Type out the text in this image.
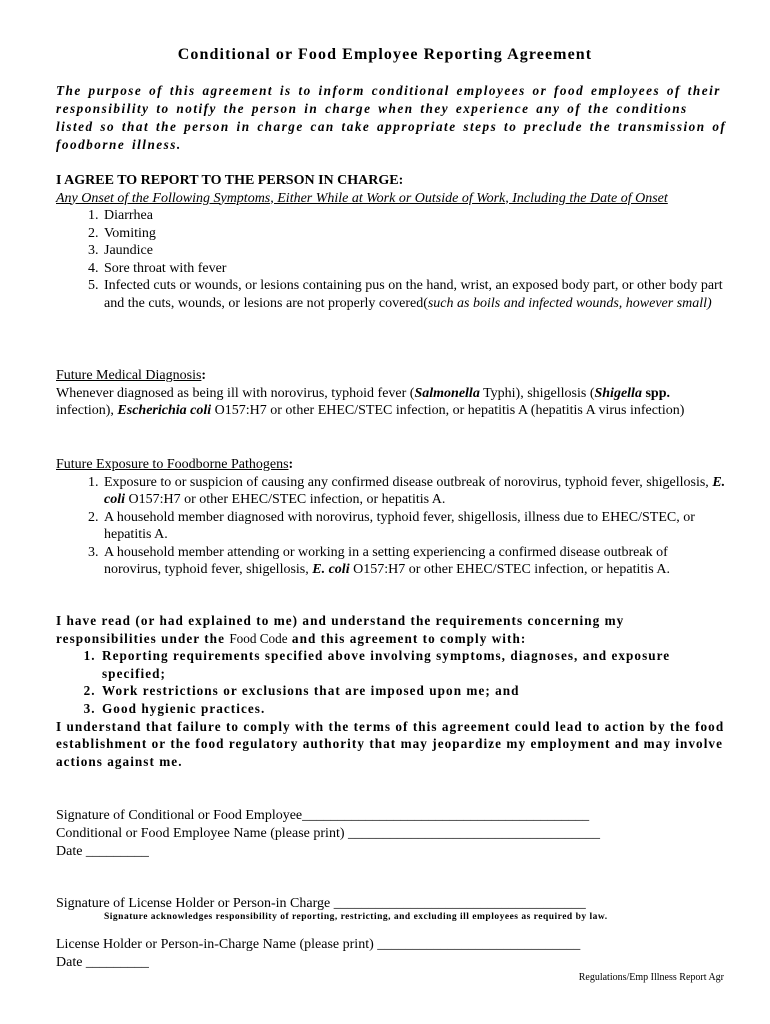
Conditional or Food Employee Reporting Agreement
The purpose of this agreement is to inform conditional employees or food employees of their responsibility to notify the person in charge when they experience any of the conditions listed so that the person in charge can take appropriate steps to preclude the transmission of foodborne illness.
I AGREE TO REPORT TO THE PERSON IN CHARGE:
Any Onset of the Following Symptoms, Either While at Work or Outside of Work, Including the Date of Onset
1. Diarrhea
2. Vomiting
3. Jaundice
4. Sore throat with fever
5. Infected cuts or wounds, or lesions containing pus on the hand, wrist, an exposed body part, or other body part and the cuts, wounds, or lesions are not properly covered(such as boils and infected wounds, however small)
Future Medical Diagnosis:
Whenever diagnosed as being ill with norovirus, typhoid fever (Salmonella Typhi), shigellosis (Shigella spp. infection), Escherichia coli O157:H7 or other EHEC/STEC infection, or hepatitis A (hepatitis A virus infection)
Future Exposure to Foodborne Pathogens:
1. Exposure to or suspicion of causing any confirmed disease outbreak of norovirus, typhoid fever, shigellosis, E. coli O157:H7 or other EHEC/STEC infection, or hepatitis A.
2. A household member diagnosed with norovirus, typhoid fever, shigellosis, illness due to EHEC/STEC, or hepatitis A.
3. A household member attending or working in a setting experiencing a confirmed disease outbreak of norovirus, typhoid fever, shigellosis, E. coli O157:H7 or other EHEC/STEC infection, or hepatitis A.
I have read (or had explained to me) and understand the requirements concerning my responsibilities under the Food Code and this agreement to comply with:
1. Reporting requirements specified above involving symptoms, diagnoses, and exposure specified;
2. Work restrictions or exclusions that are imposed upon me; and
3. Good hygienic practices.
I understand that failure to comply with the terms of this agreement could lead to action by the food establishment or the food regulatory authority that may jeopardize my employment and may involve actions against me.
Signature of Conditional or Food Employee_________________________________________
Conditional or Food Employee Name (please print) ____________________________________
Date _________
Signature of License Holder or Person-in Charge ____________________________________
Signature acknowledges responsibility of reporting, restricting, and excluding ill employees as required by law.
License Holder or Person-in-Charge Name (please print) _____________________________
Date _________
Regulations/Emp Illness Report Agr
